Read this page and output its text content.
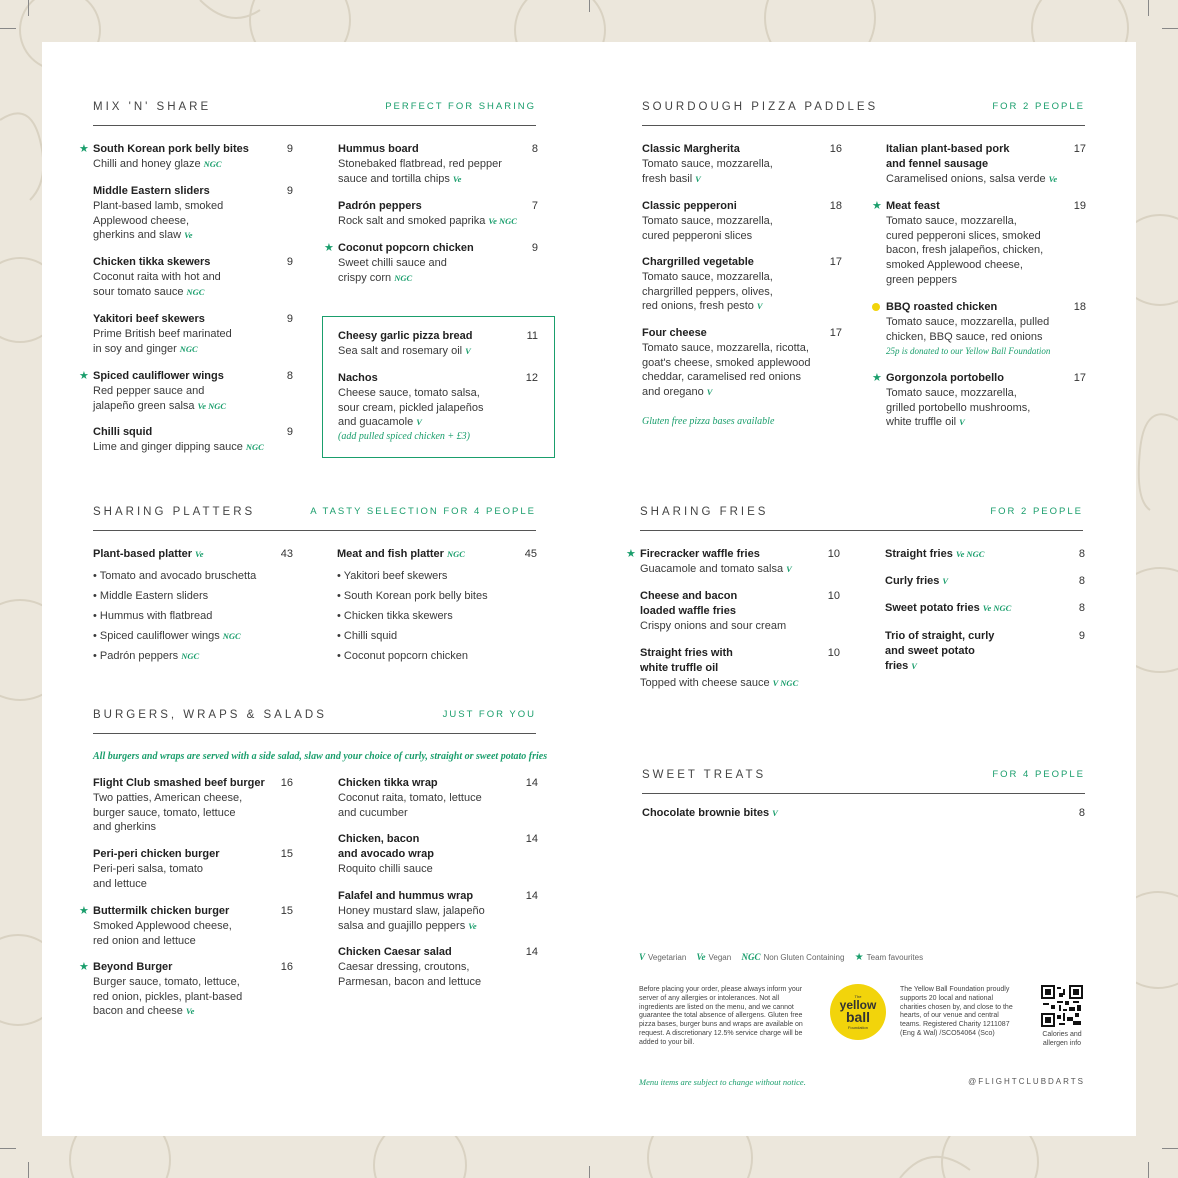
MIX 'N' SHARE	PERFECT FOR SHARING
★ South Korean pork belly bites
Chilli and honey glaze NGC
9
Middle Eastern sliders
Plant-based lamb, smoked Applewood cheese, gherkins and slaw Ve
9
Chicken tikka skewers
Coconut raita with hot and sour tomato sauce NGC
9
Yakitori beef skewers
Prime British beef marinated in soy and ginger NGC
9
★ Spiced cauliflower wings
Red pepper sauce and jalapeño green salsa Ve NGC
8
Chilli squid
Lime and ginger dipping sauce NGC
9
Hummus board
Stonebaked flatbread, red pepper sauce and tortilla chips Ve
8
Padrón peppers
Rock salt and smoked paprika Ve NGC
7
★ Coconut popcorn chicken
Sweet chilli sauce and crispy corn NGC
9
Cheesy garlic pizza bread
Sea salt and rosemary oil V
11
Nachos
Cheese sauce, tomato salsa, sour cream, pickled jalapeños and guacamole V
(add pulled spiced chicken + £3)
12
SOURDOUGH PIZZA PADDLES	FOR 2 PEOPLE
Classic Margherita
Tomato sauce, mozzarella, fresh basil V
16
Classic pepperoni
Tomato sauce, mozzarella, cured pepperoni slices
18
Chargrilled vegetable
Tomato sauce, mozzarella, chargrilled peppers, olives, red onions, fresh pesto V
17
Four cheese
Tomato sauce, mozzarella, ricotta, goat's cheese, smoked applewood cheddar, caramelised red onions and oregano V
17
Gluten free pizza bases available
Italian plant-based pork and fennel sausage
Caramelised onions, salsa verde Ve
17
★ Meat feast
Tomato sauce, mozzarella, cured pepperoni slices, smoked bacon, fresh jalapeños, chicken, smoked Applewood cheese, green peppers
19
BBQ roasted chicken
Tomato sauce, mozzarella, pulled chicken, BBQ sauce, red onions
25p is donated to our Yellow Ball Foundation
18
★ Gorgonzola portobello
Tomato sauce, mozzarella, grilled portobello mushrooms, white truffle oil V
17
SHARING PLATTERS	A TASTY SELECTION FOR 4 PEOPLE
Plant-based platter Ve	43
• Tomato and avocado bruschetta
• Middle Eastern sliders
• Hummus with flatbread
• Spiced cauliflower wings NGC
• Padrón peppers NGC
Meat and fish platter NGC	45
• Yakitori beef skewers
• South Korean pork belly bites
• Chicken tikka skewers
• Chilli squid
• Coconut popcorn chicken
SHARING FRIES	FOR 2 PEOPLE
★ Firecracker waffle fries
Guacamole and tomato salsa V
10
Cheese and bacon loaded waffle fries
Crispy onions and sour cream
10
Straight fries with white truffle oil
Topped with cheese sauce V NGC
10
Straight fries Ve NGC	8
Curly fries V	8
Sweet potato fries Ve NGC	8
Trio of straight, curly and sweet potato fries V
9
BURGERS, WRAPS & SALADS	JUST FOR YOU
All burgers and wraps are served with a side salad, slaw and your choice of curly, straight or sweet potato fries
Flight Club smashed beef burger
Two patties, American cheese, burger sauce, tomato, lettuce and gherkins
16
Peri-peri chicken burger
Peri-peri salsa, tomato and lettuce
15
★ Buttermilk chicken burger
Smoked Applewood cheese, red onion and lettuce
15
★ Beyond Burger
Burger sauce, tomato, lettuce, red onion, pickles, plant-based bacon and cheese Ve
16
Chicken tikka wrap
Coconut raita, tomato, lettuce and cucumber
14
Chicken, bacon and avocado wrap
Roquito chilli sauce
14
Falafel and hummus wrap
Honey mustard slaw, jalapeño salsa and guajillo peppers Ve
14
Chicken Caesar salad
Caesar dressing, croutons, Parmesan, bacon and lettuce
14
SWEET TREATS	FOR 4 PEOPLE
Chocolate brownie bites V	8
V Vegetarian Ve Vegan NGC Non Gluten Containing ★ Team favourites
Before placing your order, please always inform your server of any allergies or intolerances. Not all ingredients are listed on the menu, and we cannot guarantee the total absence of allergens. Gluten free pizza bases, burger buns and wraps are available on request. A discretionary 12.5% service charge will be added to your bill.
The
yellow
ball
Foundation
The Yellow Ball Foundation proudly supports 20 local and national charities chosen by, and close to the hearts, of our venue and central teams. Registered Charity 1211087 (Eng & Wal) /SCO54064 (Sco)	Calories and allergen info
Menu items are subject to change without notice.	@FLIGHTCLUBDARTS
